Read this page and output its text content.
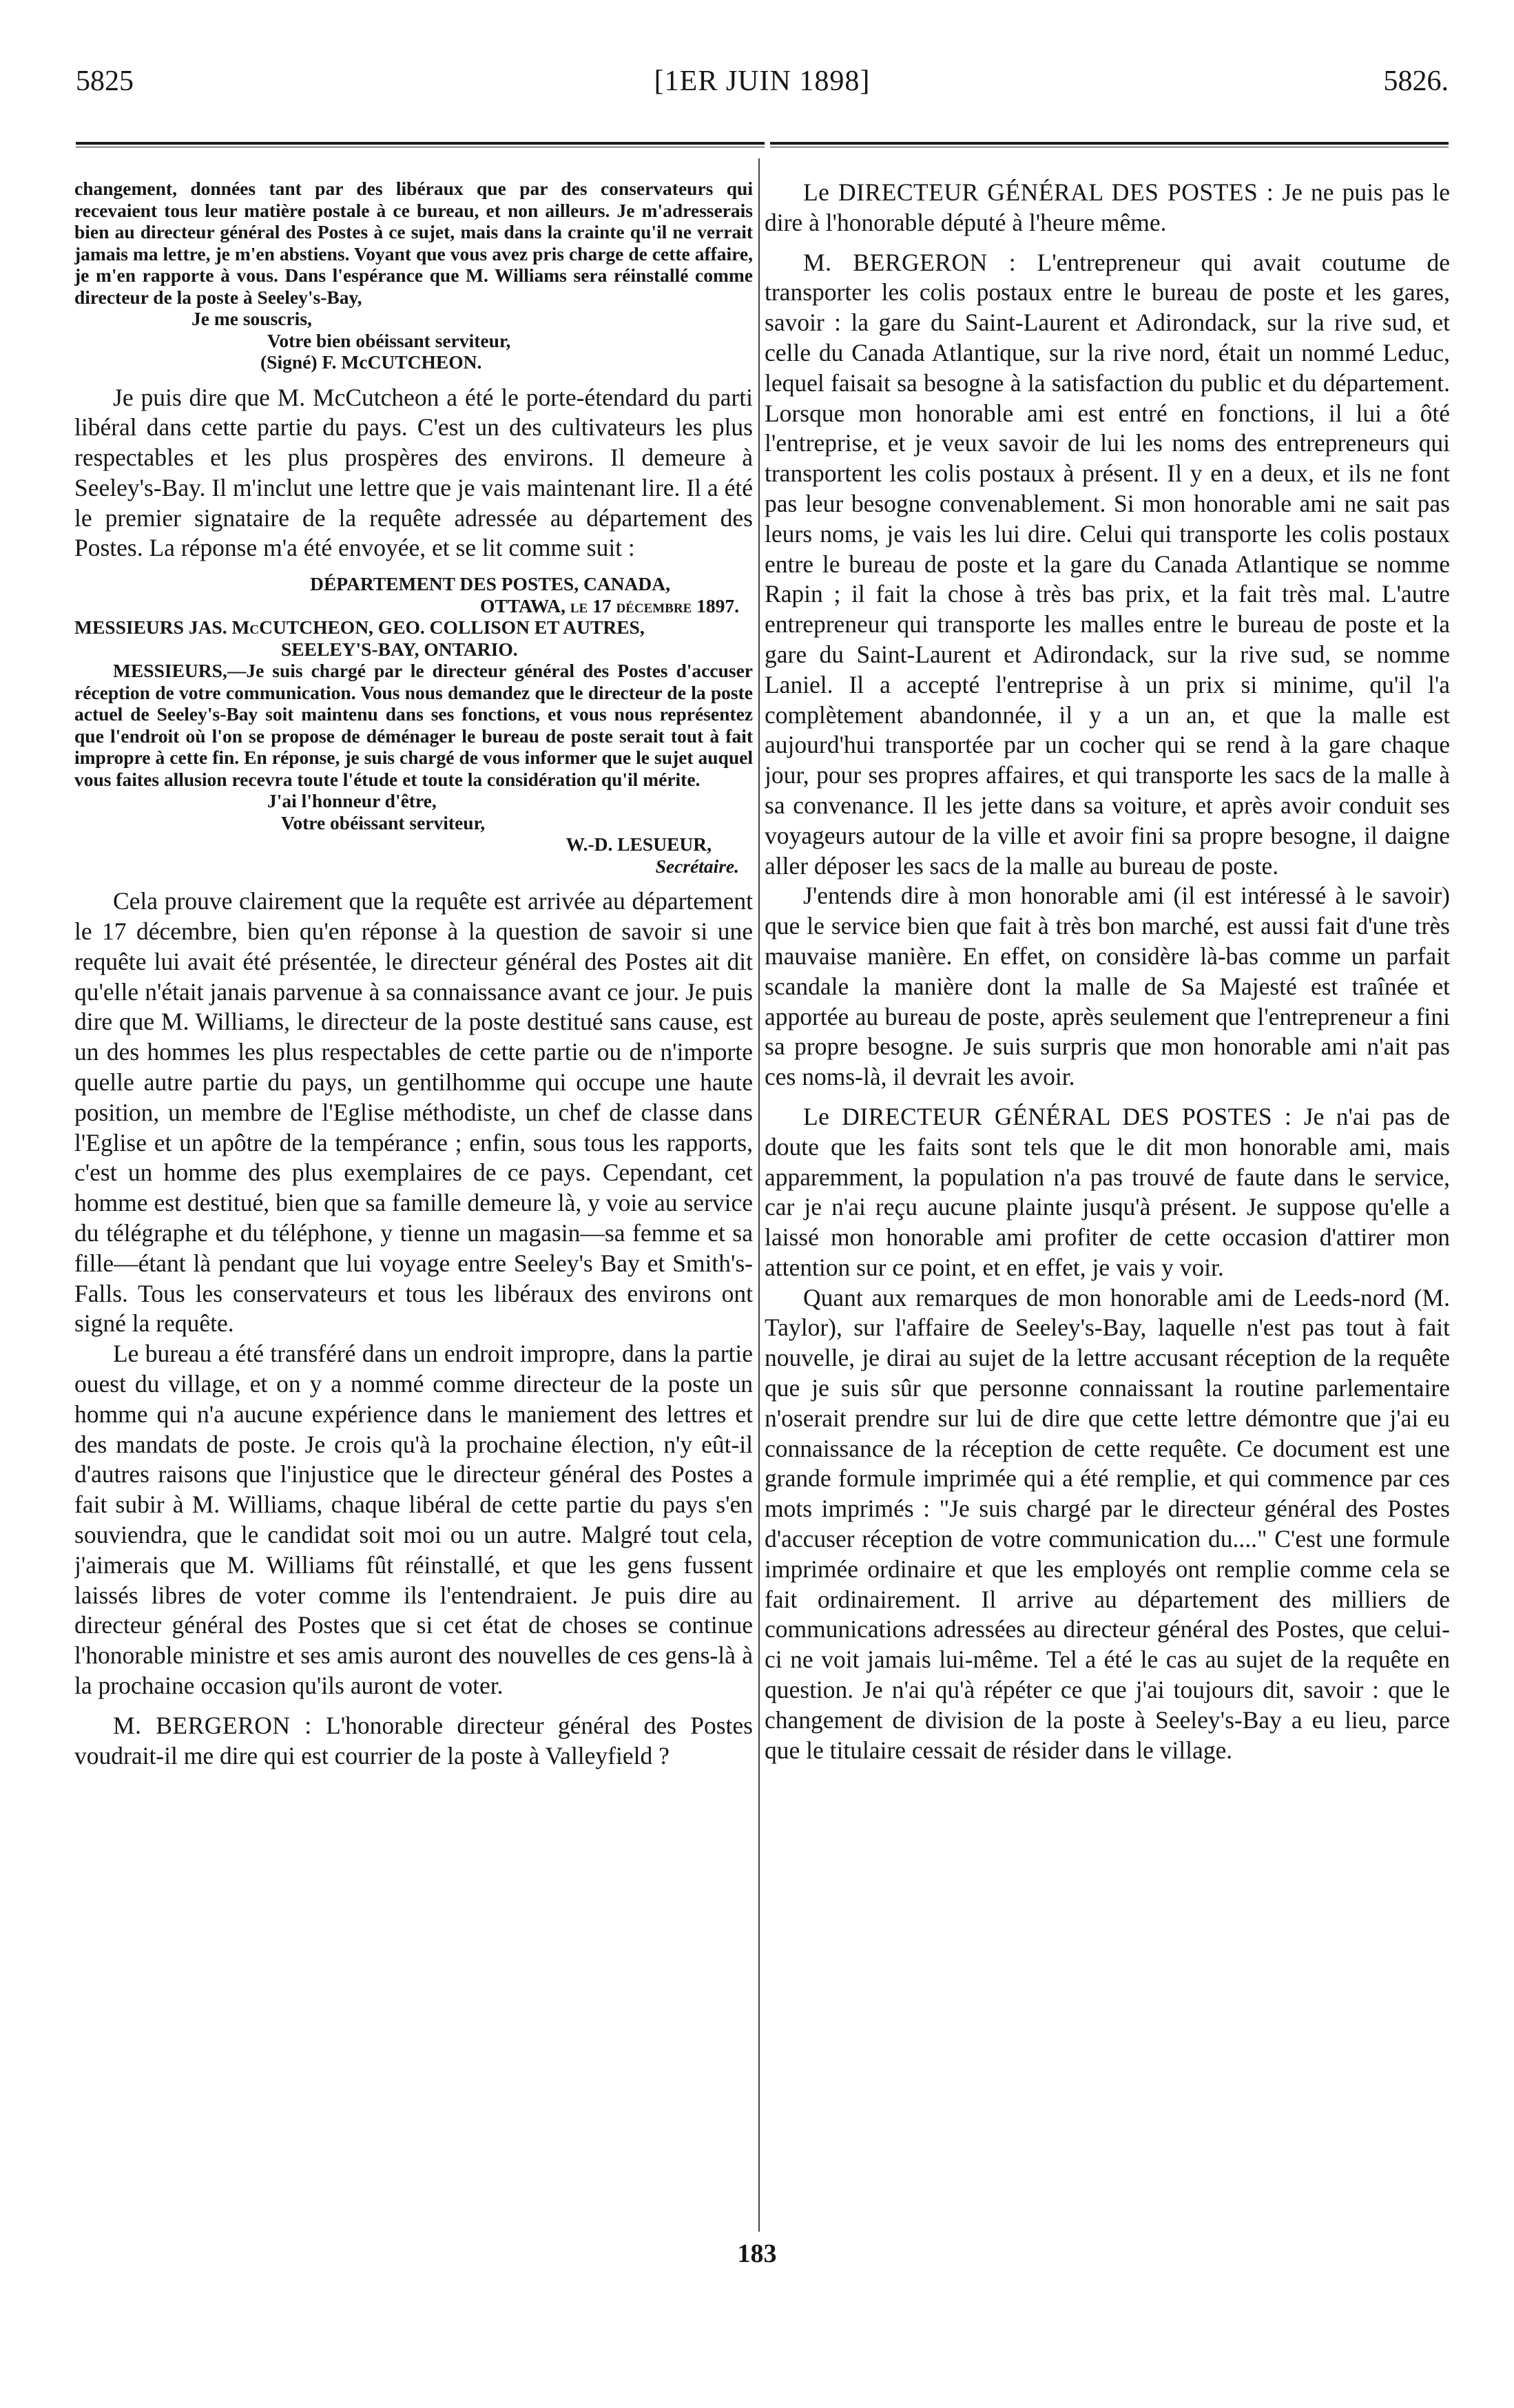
5825	[1ER JUIN 1898]	5826.

changement, données tant par des libéraux que par des conservateurs qui recevaient tous leur matière postale à ce bureau, et non ailleurs. Je m'adresserais bien au directeur général des Postes à ce sujet, mais dans la crainte qu'il ne verrait jamais ma lettre, je m'en abstiens. Voyant que vous avez pris charge de cette affaire, je m'en rapporte à vous. Dans l'espérance que M. Williams sera réinstallé comme directeur de la poste à Seeley's-Bay,

Je me souscris,
Votre bien obéissant serviteur,
(Signé) F. McCUTCHEON.

Je puis dire que M. McCutcheon a été le porte-étendard du parti libéral dans cette partie du pays. C'est un des cultivateurs les plus respectables et les plus prospères des environs. Il demeure à Seeley's-Bay. Il m'inclut une lettre que je vais maintenant lire. Il a été le premier signataire de la requête adressée au département des Postes. La réponse m'a été envoyée, et se lit comme suit :

DÉPARTEMENT DES POSTES, CANADA,
OTTAWA, le 17 décembre 1897.
MESSIEURS JAS. McCUTCHEON, GEO. COLLISON ET AUTRES,
SEELEY'S-BAY, ONTARIO.

MESSIEURS,—Je suis chargé par le directeur général des Postes d'accuser réception de votre communication. Vous nous demandez que le directeur de la poste actuel de Seeley's-Bay soit maintenu dans ses fonctions, et vous nous représentez que l'endroit où l'on se propose de déménager le bureau de poste serait tout à fait impropre à cette fin. En réponse, je suis chargé de vous informer que le sujet auquel vous faites allusion recevra toute l'étude et toute la considération qu'il mérite.

J'ai l'honneur d'être,
Votre obéissant serviteur,
W.-D. LESUEUR,
Secrétaire.

Cela prouve clairement que la requête est arrivée au département le 17 décembre, bien qu'en réponse à la question de savoir si une requête lui avait été présentée, le directeur général des Postes ait dit qu'elle n'était janais parvenue à sa connaissance avant ce jour. Je puis dire que M. Williams, le directeur de la poste destitué sans cause, est un des hommes les plus respectables de cette partie ou de n'importe quelle autre partie du pays, un gentilhomme qui occupe une haute position, un membre de l'Eglise méthodiste, un chef de classe dans l'Eglise et un apôtre de la tempérance ; enfin, sous tous les rapports, c'est un homme des plus exemplaires de ce pays. Cependant, cet homme est destitué, bien que sa famille demeure là, y voie au service du télégraphe et du téléphone, y tienne un magasin—sa femme et sa fille—étant là pendant que lui voyage entre Seeley's Bay et Smith's-Falls. Tous les conservateurs et tous les libéraux des environs ont signé la requête.

Le bureau a été transféré dans un endroit impropre, dans la partie ouest du village, et on y a nommé comme directeur de la poste un homme qui n'a aucune expérience dans le maniement des lettres et des mandats de poste. Je crois qu'à la prochaine élection, n'y eût-il d'autres raisons que l'injustice que le directeur général des Postes a fait subir à M. Williams, chaque libéral de cette partie du pays s'en souviendra, que le candidat soit moi ou un autre. Malgré tout cela, j'aimerais que M. Williams fût réinstallé, et que les gens fussent laissés libres de voter comme ils l'entendraient. Je puis dire au directeur général des Postes que si cet état de choses se continue l'honorable ministre et ses amis auront des nouvelles de ces gens-là à la prochaine occasion qu'ils auront de voter.

M. BERGERON : L'honorable directeur général des Postes voudrait-il me dire qui est courrier de la poste à Valleyfield ?

Le DIRECTEUR GÉNÉRAL DES POSTES : Je ne puis pas le dire à l'honorable député à l'heure même.

M. BERGERON : L'entrepreneur qui avait coutume de transporter les colis postaux entre le bureau de poste et les gares, savoir : la gare du Saint-Laurent et Adirondack, sur la rive sud, et celle du Canada Atlantique, sur la rive nord, était un nommé Leduc, lequel faisait sa besogne à la satisfaction du public et du département. Lorsque mon honorable ami est entré en fonctions, il lui a ôté l'entreprise, et je veux savoir de lui les noms des entrepreneurs qui transportent les colis postaux à présent. Il y en a deux, et ils ne font pas leur besogne convenablement. Si mon honorable ami ne sait pas leurs noms, je vais les lui dire. Celui qui transporte les colis postaux entre le bureau de poste et la gare du Canada Atlantique se nomme Rapin ; il fait la chose à très bas prix, et la fait très mal. L'autre entrepreneur qui transporte les malles entre le bureau de poste et la gare du Saint-Laurent et Adirondack, sur la rive sud, se nomme Laniel. Il a accepté l'entreprise à un prix si minime, qu'il l'a complètement abandonnée, il y a un an, et que la malle est aujourd'hui transportée par un cocher qui se rend à la gare chaque jour, pour ses propres affaires, et qui transporte les sacs de la malle à sa convenance. Il les jette dans sa voiture, et après avoir conduit ses voyageurs autour de la ville et avoir fini sa propre besogne, il daigne aller déposer les sacs de la malle au bureau de poste.

J'entends dire à mon honorable ami (il est intéressé à le savoir) que le service bien que fait à très bon marché, est aussi fait d'une très mauvaise manière. En effet, on considère là-bas comme un parfait scandale la manière dont la malle de Sa Majesté est traînée et apportée au bureau de poste, après seulement que l'entrepreneur a fini sa propre besogne. Je suis surpris que mon honorable ami n'ait pas ces noms-là, il devrait les avoir.

Le DIRECTEUR GÉNÉRAL DES POSTES : Je n'ai pas de doute que les faits sont tels que le dit mon honorable ami, mais apparemment, la population n'a pas trouvé de faute dans le service, car je n'ai reçu aucune plainte jusqu'à présent. Je suppose qu'elle a laissé mon honorable ami profiter de cette occasion d'attirer mon attention sur ce point, et en effet, je vais y voir.

Quant aux remarques de mon honorable ami de Leeds-nord (M. Taylor), sur l'affaire de Seeley's-Bay, laquelle n'est pas tout à fait nouvelle, je dirai au sujet de la lettre accusant réception de la requête que je suis sûr que personne connaissant la routine parlementaire n'oserait prendre sur lui de dire que cette lettre démontre que j'ai eu connaissance de la réception de cette requête. Ce document est une grande formule imprimée qui a été remplie, et qui commence par ces mots imprimés : "Je suis chargé par le directeur général des Postes d'accuser réception de votre communication du...." C'est une formule imprimée ordinaire et que les employés ont remplie comme cela se fait ordinairement. Il arrive au département des milliers de communications adressées au directeur général des Postes, que celui-ci ne voit jamais lui-même. Tel a été le cas au sujet de la requête en question. Je n'ai qu'à répéter ce que j'ai toujours dit, savoir : que le changement de division de la poste à Seeley's-Bay a eu lieu, parce que le titulaire cessait de résider dans le village.

183
